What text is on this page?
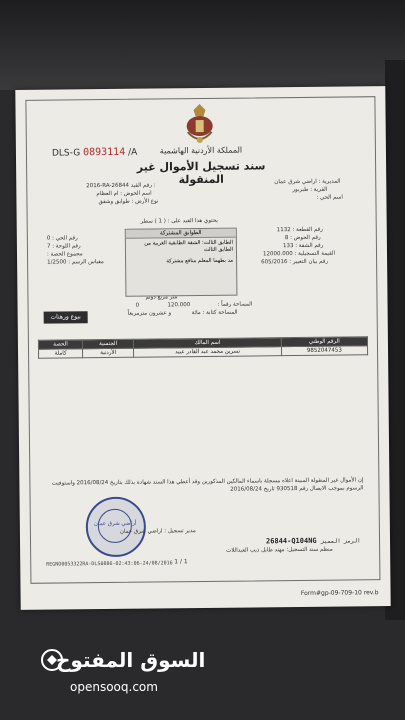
المملكة الأردنية الهاشمية
DLS-G 0893114 /A
سند تسجيل الأموال غير المنقولة
2016-RA-26844 رقم القيد :
اسم الحوض : ام العظام
نوع الأرض : طوابق وشقق
المديرية : اراضي شرق عمان
القرية : طبربور
اسم الحي :
يحتوي هذا القيد على : ( 1 ) سطر
الطوابق المشتركة
الطابق الثالث: الشقة الطابقية الغربية من الطابق الثالث
مد بطهما المعلم منافع مشتركة
رقم القطعة : 1132
رقم الحوض : 8
رقم الشقة : 133
القيمة التسجيلية : 12000.000
رقم بيان التغيير : 605/2016
رقم الحي : 0
رقم اللوحة : 7
مجموع الحصة :
مقياس الرسم : 1/2500
متر مربع دونم
المساحة رقماً :
120.000
0
المساحة كتابة : مائة
و عشرون مترمربعاً
بيوع ورهنات
الحصة	الجنسية	اسم المالك	الرقم الوطني
كاملة	الأردنية	نسرين محمد عبد القادر عبيد	9852047453
إن الأموال غير المنقولة المبينة اعلاه مسجلة باسماء المالكين المذكورين وقد أعطي هذا السند شهادة بذلك بتاريخ 2016/08/24 واستوفيت الرسوم بموجب الايصال رقم 930518 تاريخ 2016/08/24
أراضي شرق عمان
مدير تسجيل : اراضي شرق عمان
26844-Q104NG الرمز المميز
منظم سند التسجيل: مهند طايل ذيب العبداللات
1 / 1
REGNO0053322RA-DLS0886-02:43:06-24/08/2016
Form#gp-09-709-10 rev.b
السوق المفتوح
opensooq.com
